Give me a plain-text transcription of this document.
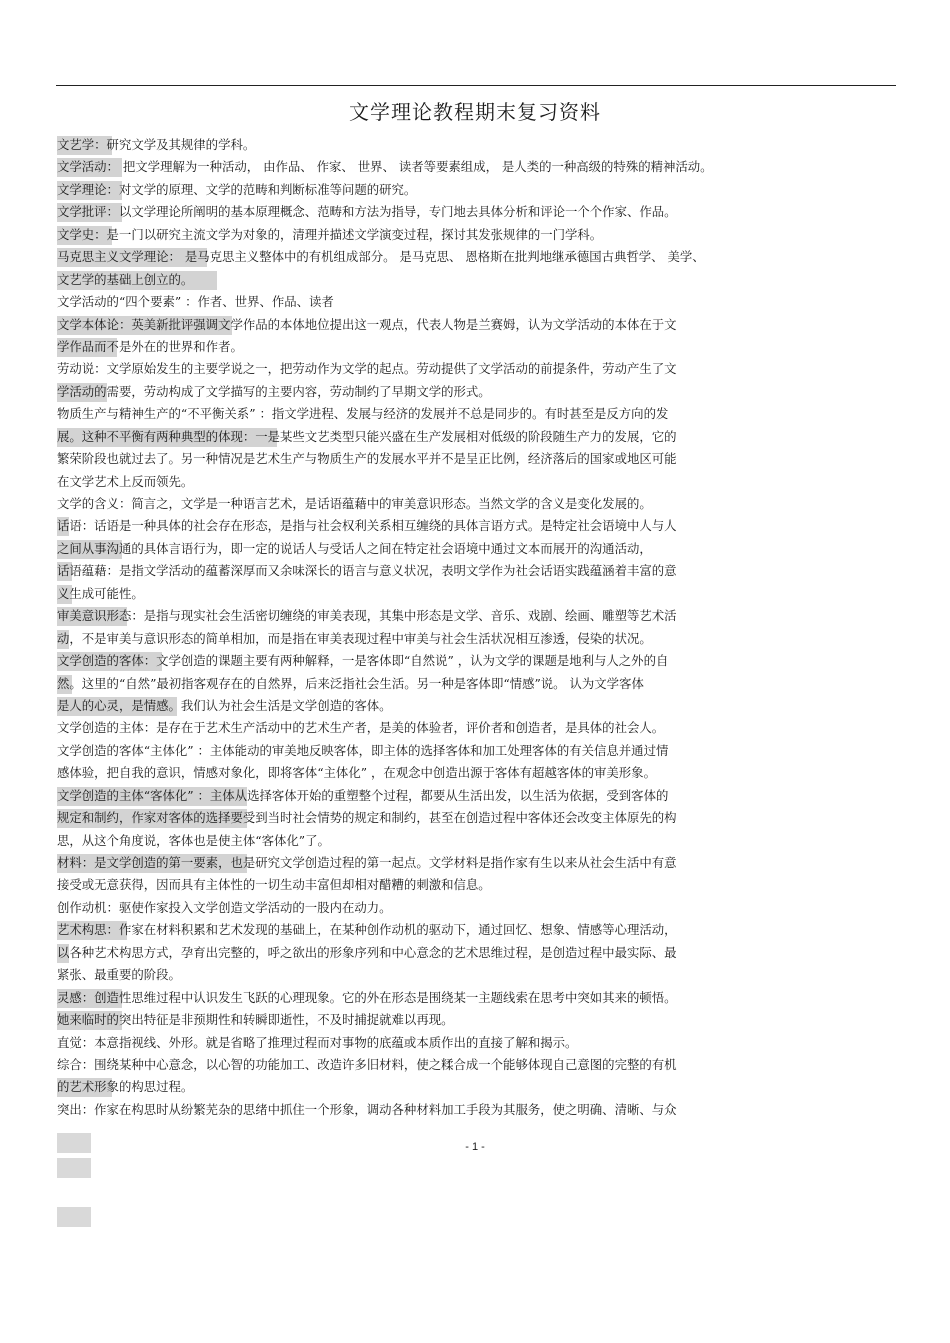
文学理论教程期末复习资料
文艺学：研究文学及其规律的学科。
文学活动： 把文学理解为一种活动， 由作品、 作家、 世界、 读者等要素组成， 是人类的一种高级的特殊的精神活动。
文学理论：对文学的原理、文学的范畴和判断标准等问题的研究。
文学批评：以文学理论所阐明的基本原理概念、范畴和方法为指导，专门地去具体分析和评论一个个作家、作品。
文学史：是一门以研究主流文学为对象的，清理并描述文学演变过程，探讨其发张规律的一门学科。
马克思主义文学理论： 是马克思主义整体中的有机组成部分。 是马克思、 恩格斯在批判地继承德国古典哲学、 美学、
文艺学的基础上创立的。
文学活动的“四个要素” ：作者、世界、作品、读者
文学本体论：英美新批评强调文学作品的本体地位提出这一观点，代表人物是兰赛姆，认为文学活动的本体在于文
学作品而不是外在的世界和作者。
劳动说：文学原始发生的主要学说之一，把劳动作为文学的起点。劳动提供了文学活动的前提条件，劳动产生了文
学活动的需要，劳动构成了文学描写的主要内容，劳动制约了早期文学的形式。
物质生产与精神生产的“不平衡关系” ：指文学进程、发展与经济的发展并不总是同步的。有时甚至是反方向的发
展。这种不平衡有两种典型的体现：一是某些文艺类型只能兴盛在生产发展相对低级的阶段随生产力的发展，它的
繁荣阶段也就过去了。另一种情况是艺术生产与物质生产的发展水平并不是呈正比例，经济落后的国家或地区可能
在文学艺术上反而领先。
文学的含义：简言之，文学是一种语言艺术，是话语蕴藉中的审美意识形态。当然文学的含义是变化发展的。
话语：话语是一种具体的社会存在形态，是指与社会权利关系相互缠绕的具体言语方式。是特定社会语境中人与人
之间从事沟通的具体言语行为，即一定的说话人与受话人之间在特定社会语境中通过文本而展开的沟通活动，
话语蕴藉：是指文学活动的蕴蓄深厚而又余味深长的语言与意义状况，表明文学作为社会话语实践蕴涵着丰富的意
义生成可能性。
审美意识形态：是指与现实社会生活密切缠绕的审美表现，其集中形态是文学、音乐、戏剧、绘画、雕塑等艺术活
动，不是审美与意识形态的简单相加，而是指在审美表现过程中审美与社会生活状况相互渗透，侵染的状况。
文学创造的客体：文学创造的课题主要有两种解释，一是客体即“自然说” ，认为文学的课题是地利与人之外的自
然。这里的“自然”最初指客观存在的自然界，后来泛指社会生活。另一种是客体即“情感”说。 认为文学客体
是人的心灵，是情感。我们认为社会生活是文学创造的客体。
文学创造的主体：是存在于艺术生产活动中的艺术生产者，是美的体验者，评价者和创造者，是具体的社会人。
文学创造的客体“主体化” ：主体能动的审美地反映客体，即主体的选择客体和加工处理客体的有关信息并通过情
感体验，把自我的意识，情感对象化，即将客体“主体化” ，在观念中创造出源于客体有超越客体的审美形象。
文学创造的主体“客体化” ：主体从选择客体开始的重塑整个过程，都要从生活出发，以生活为依据，受到客体的
规定和制约，作家对客体的选择要受到当时社会情势的规定和制约，甚至在创造过程中客体还会改变主体原先的构
思，从这个角度说，客体也是使主体“客体化”了。
材料：是文学创造的第一要素，也是研究文学创造过程的第一起点。文学材料是指作家有生以来从社会生活中有意
接受或无意获得，因而具有主体性的一切生动丰富但却相对醋糟的刺激和信息。
创作动机：驱使作家投入文学创造文学活动的一股内在动力。
艺术构思：作家在材料积累和艺术发现的基础上，在某种创作动机的驱动下，通过回忆、想象、情感等心理活动，
以各种艺术构思方式，孕育出完整的，呼之欲出的形象序列和中心意念的艺术思维过程，是创造过程中最实际、最
紧张、最重要的阶段。
灵感：创造性思维过程中认识发生飞跃的心理现象。它的外在形态是围绕某一主题线索在思考中突如其来的顿悟。
她来临时的突出特征是非预期性和转瞬即逝性，不及时捕捉就难以再现。
直觉：本意指视线、外形。就是省略了推理过程而对事物的底蕴或本质作出的直接了解和揭示。
综合：围绕某种中心意念，以心智的功能加工、改造许多旧材料，使之糅合成一个能够体现自己意图的完整的有机
的艺术形象的构思过程。
突出：作家在构思时从纷繁芜杂的思绪中抓住一个形象，调动各种材料加工手段为其服务，使之明确、清晰、与众
- 1 -
